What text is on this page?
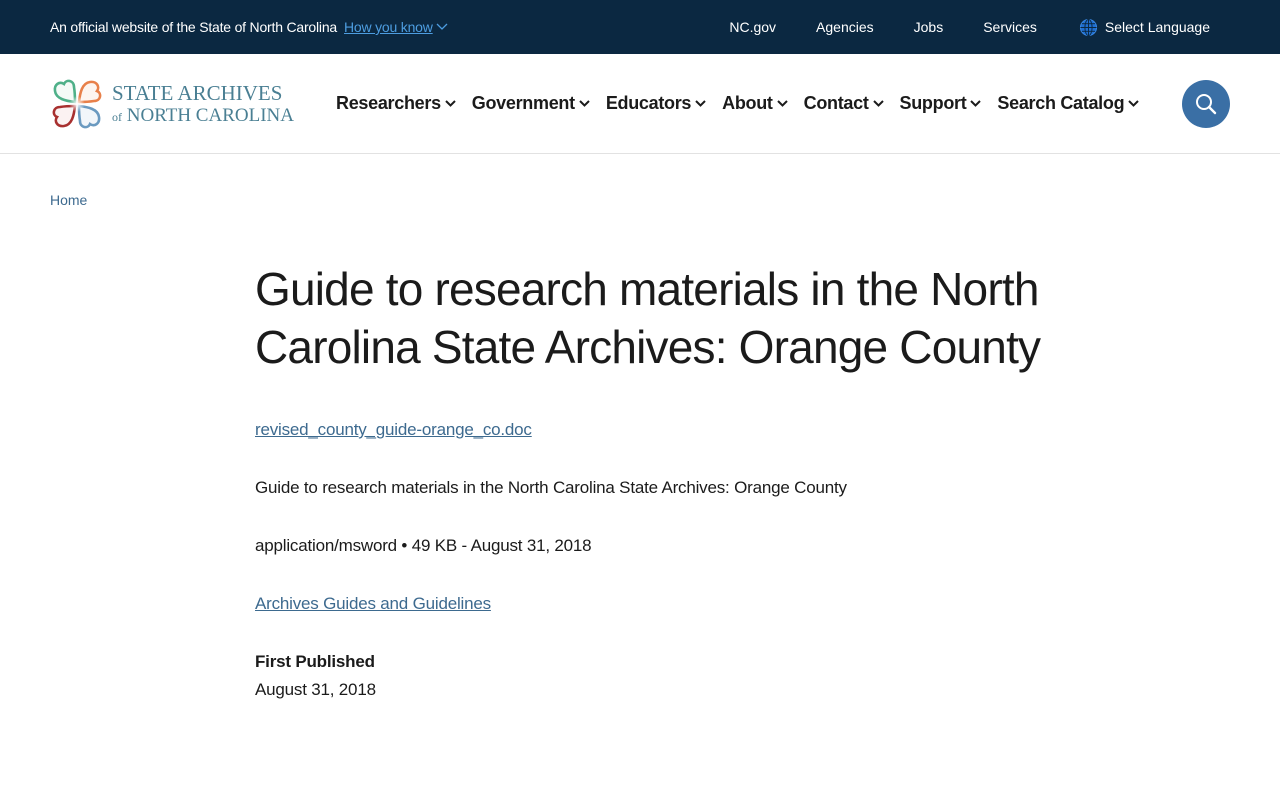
An official website of the State of North Carolina How you know	NC.gov	Agencies	Jobs	Services	Select Language
STATE ARCHIVES
of NORTH CAROLINA
Researchers Government Educators About Contact Support Search Catalog
Home
Guide to research materials in the North Carolina State Archives: Orange County
revised_county_guide-orange_co.doc

Guide to research materials in the North Carolina State Archives: Orange County

application/msword • 49 KB - August 31, 2018

Archives Guides and Guidelines
First Published
August 31, 2018
